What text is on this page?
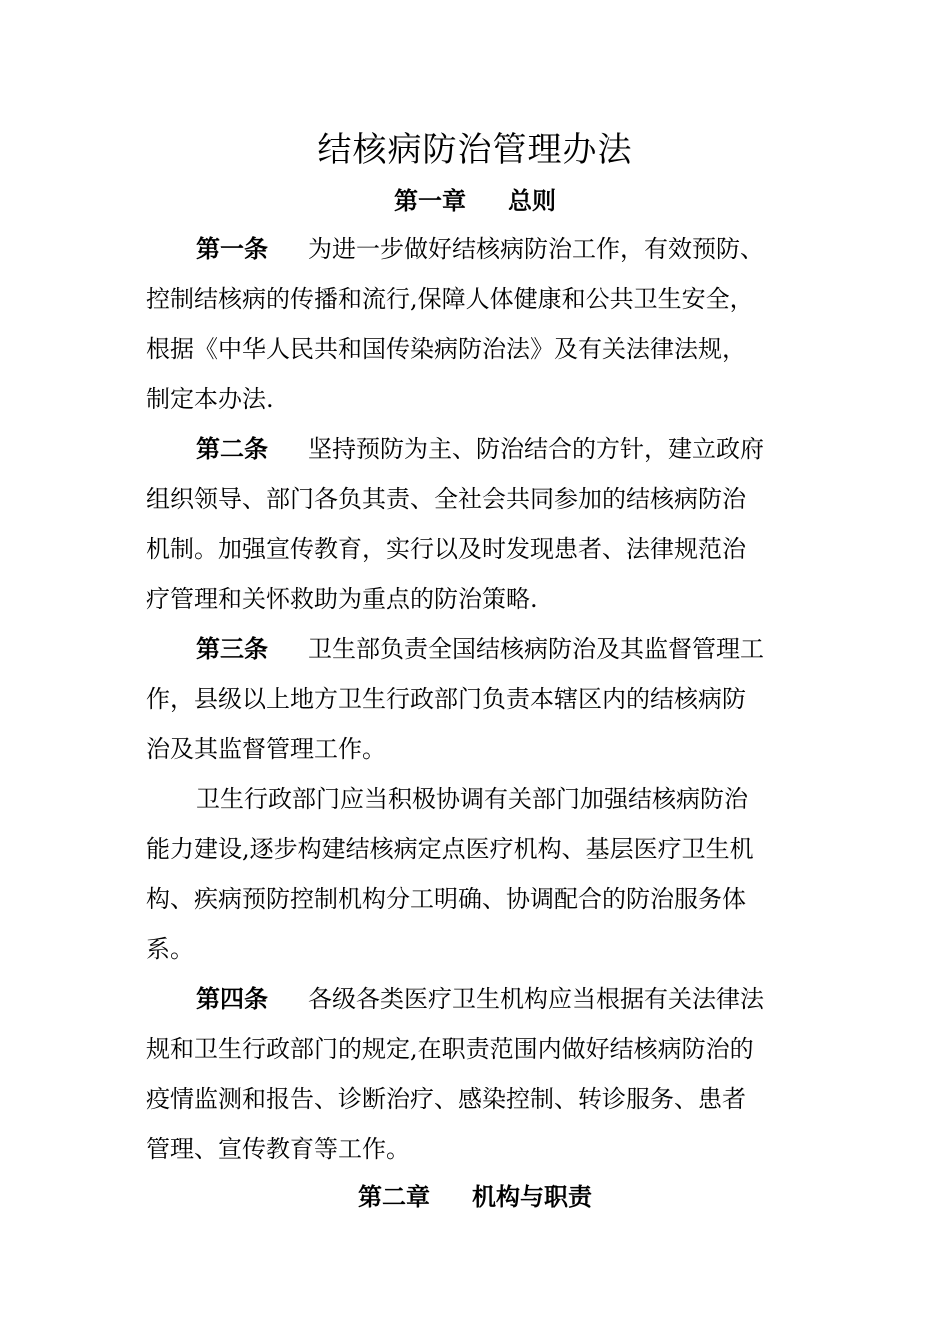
结核病防治管理办法
第一章 总则

第一条 为进一步做好结核病防治工作，有效预防、

控制结核病的传播和流行,保障人体健康和公共卫生安全，

根据《中华人民共和国传染病防治法》及有关法律法规，

制定本办法.

第二条 坚持预防为主、防治结合的方针，建立政府

组织领导、部门各负其责、全社会共同参加的结核病防治

机制。加强宣传教育，实行以及时发现患者、法律规范治

疗管理和关怀救助为重点的防治策略.

第三条 卫生部负责全国结核病防治及其监督管理工

作，县级以上地方卫生行政部门负责本辖区内的结核病防

治及其监督管理工作。

卫生行政部门应当积极协调有关部门加强结核病防治

能力建设,逐步构建结核病定点医疗机构、基层医疗卫生机

构、疾病预防控制机构分工明确、协调配合的防治服务体

系。

第四条 各级各类医疗卫生机构应当根据有关法律法

规和卫生行政部门的规定,在职责范围内做好结核病防治的

疫情监测和报告、诊断治疗、感染控制、转诊服务、患者

管理、宣传教育等工作。

第二章 机构与职责
